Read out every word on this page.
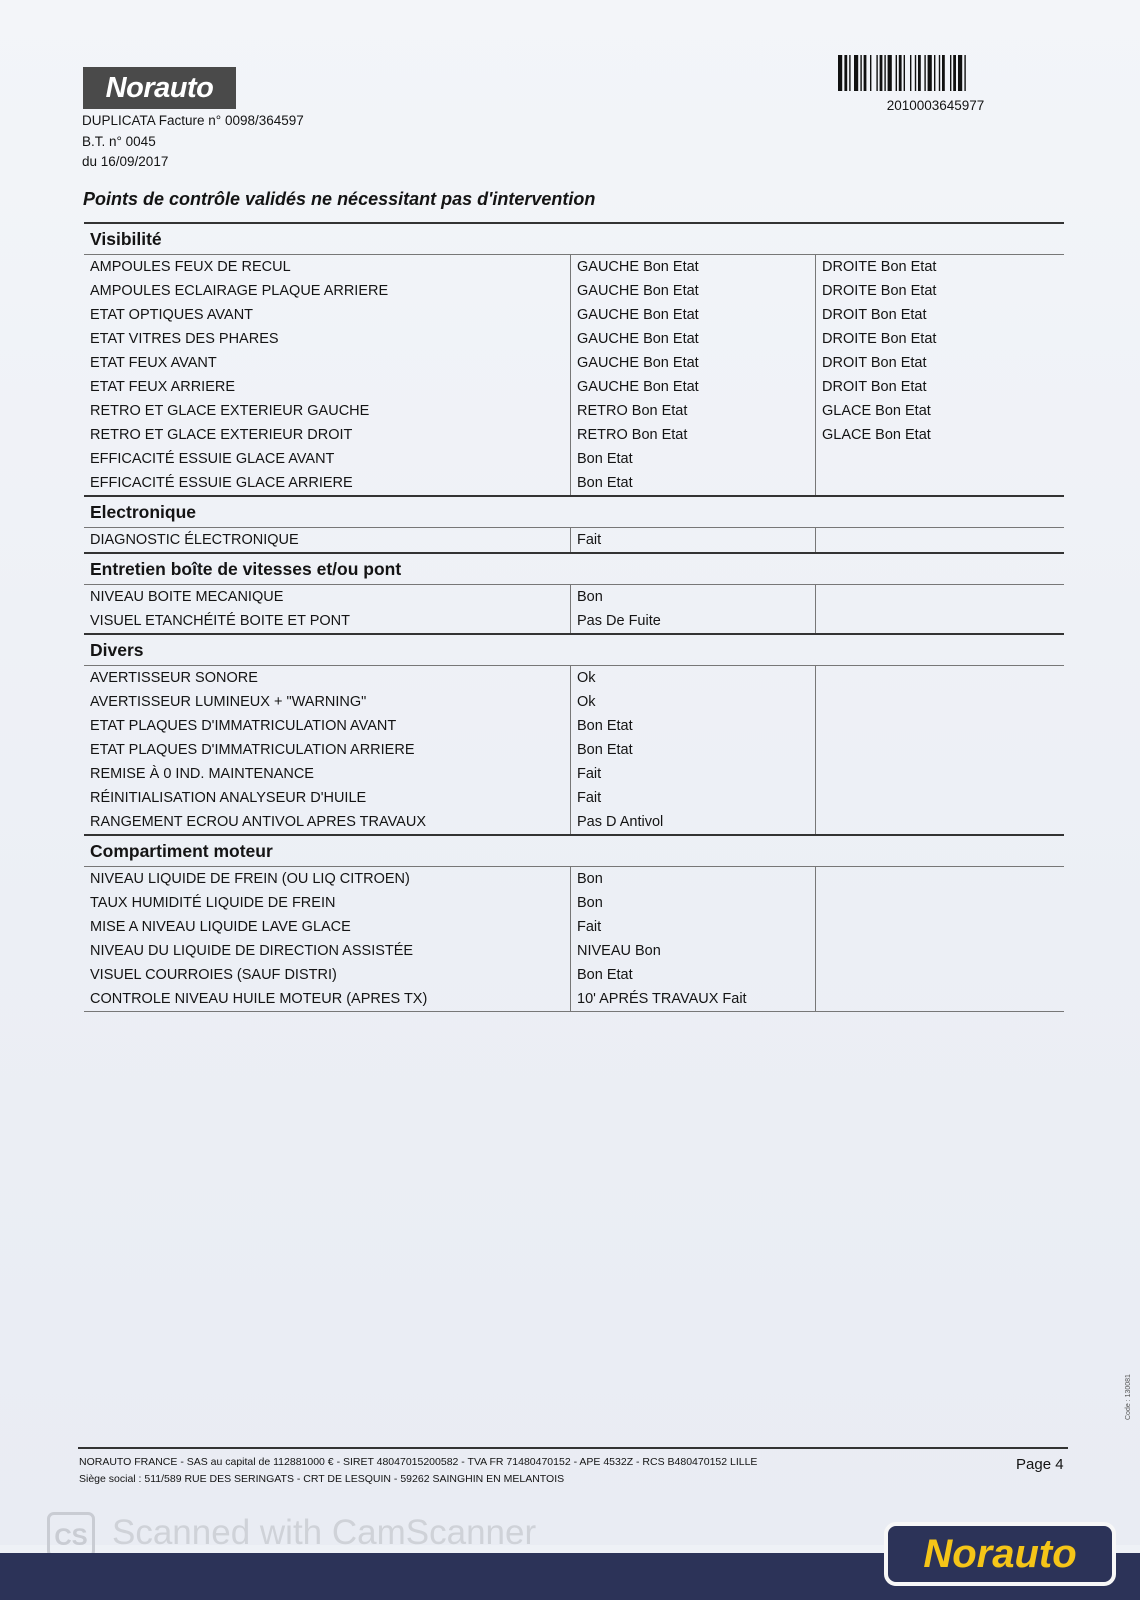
Norauto
DUPLICATA Facture n° 0098/364597
B.T. n° 0045
du 16/09/2017
2010003645977
Points de contrôle validés ne nécessitant pas d'intervention
Visibilité
AMPOULES FEUX DE RECUL
AMPOULES ECLAIRAGE PLAQUE ARRIERE
ETAT OPTIQUES AVANT
ETAT VITRES DES PHARES
ETAT FEUX AVANT
ETAT FEUX ARRIERE
RETRO ET GLACE EXTERIEUR GAUCHE
RETRO ET GLACE EXTERIEUR DROIT
EFFICACITÉ ESSUIE GLACE AVANT
EFFICACITÉ ESSUIE GLACE ARRIERE
GAUCHE Bon Etat
GAUCHE Bon Etat
GAUCHE Bon Etat
GAUCHE Bon Etat
GAUCHE Bon Etat
GAUCHE Bon Etat
RETRO Bon Etat
RETRO Bon Etat
Bon Etat
Bon Etat
DROITE Bon Etat
DROITE Bon Etat
DROIT Bon Etat
DROITE Bon Etat
DROIT Bon Etat
DROIT Bon Etat
GLACE Bon Etat
GLACE Bon Etat
Electronique
DIAGNOSTIC ÉLECTRONIQUE	Fait
Entretien boîte de vitesses et/ou pont
NIVEAU BOITE MECANIQUE
VISUEL ETANCHÉITÉ BOITE ET PONT
Bon
Pas De Fuite
Divers
AVERTISSEUR SONORE
AVERTISSEUR LUMINEUX + "WARNING"
ETAT PLAQUES D'IMMATRICULATION AVANT
ETAT PLAQUES D'IMMATRICULATION ARRIERE
REMISE À 0 IND. MAINTENANCE
RÉINITIALISATION ANALYSEUR D'HUILE
RANGEMENT ECROU ANTIVOL APRES TRAVAUX
Ok
Ok
Bon Etat
Bon Etat
Fait
Fait
Pas D Antivol
Compartiment moteur
NIVEAU LIQUIDE DE FREIN (OU LIQ CITROEN)
TAUX HUMIDITÉ LIQUIDE DE FREIN
MISE A NIVEAU LIQUIDE LAVE GLACE
NIVEAU DU LIQUIDE DE DIRECTION ASSISTÉE
VISUEL COURROIES (SAUF DISTRI)
CONTROLE NIVEAU HUILE MOTEUR (APRES TX)
Bon
Bon
Fait
NIVEAU Bon
Bon Etat
10' APRÉS TRAVAUX Fait
NORAUTO FRANCE - SAS au capital de 112881000 € - SIRET 48047015200582 - TVA FR 71480470152 - APE 4532Z - RCS B480470152 LILLE
Siège social : 511/589 RUE DES SERINGATS - CRT DE LESQUIN - 59262 SAINGHIN EN MELANTOIS
Page 4
Code : 130081
CS Scanned with CamScanner	Norauto
